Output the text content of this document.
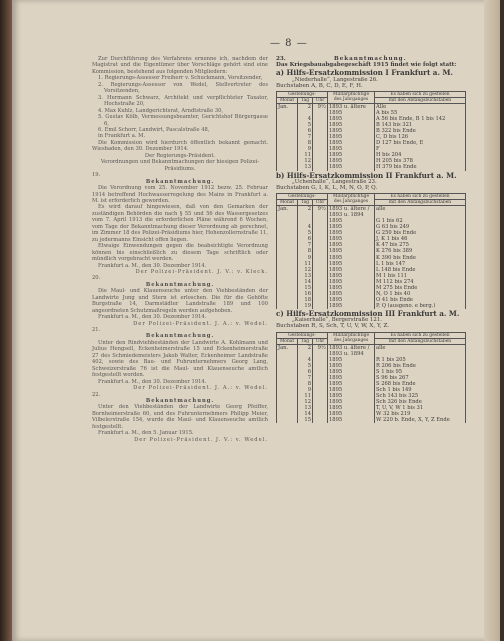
— 8 —

Zur Durchführung des Verfahrens ernenne ich, nachdem der Magistrat und die Eigentümer über Vorschläge gehört sind eine Kommission, bestehend aus folgenden Mitgliedern:

1. Regierungs-Assessor Freiherr v. Schuckmann, Vorsitzender,

2. Regierungs-Assessor von Wedel, Stellvertreter des Vorsitzenden,

3. Hermann Schwarz, Architekt und verpflichteter Taxator, Hochstraße 20,

4. Max Kuhlz, Landgerichtsrat, Arndtstraße 30,

5. Gustav Kölb, Vermessungsbeamter, Gerichtshof Bürgergasse 6,

6. Emil Schorr, Landwirt, Pascalstraße 48,

in Frankfurt a. M.

Die Kommission wird hierdurch öffentlich bekannt gemacht. Wiesbaden, den 30. Dezember 1914.

Der Regierungs-Präsident.

Verordnungen und Bekanntmachungen der hiesigen Polizei-Präsidiums.

19.

Bekanntmachung.

Die Verordnung vom 25. November 1912 bezw. 25. Februar 1914 betreffend Hochwasserregelung des Mains in Frankfurt a. M. ist erforderlich geworden.

Es wird darauf hingewiesen, daß von den Gemarken der zuständigen Behörden die nach § 55 und 56 des Wassergesetzes vom 7. April 1913 die erforderlichen Pläne während 6 Wochen, vom Tage der Bekanntmachung dieser Verordnung ab gerechnet, im Zimmer 18 des Polizei-Präsidiums hier, Hohenzollernstraße 11, zu jedermanns Einsicht offen liegen.

Etwaige Einwendungen gegen die beabsichtigte Verordnung können bis einschließlich zu diesem Tage schriftlich oder mündlich vorgebracht werden.

Frankfurt a. M., den 30. Dezember 1914.

Der Polizei-Präsident. J. V.: v. Kleck.

20.

Bekanntmachung.

Die Maul- und Klauenseuche unter den Viehbeständen der Landwirte Jung und Stern ist erloschen. Die für die Gehöfte Burgstraße 14, Darmstädter Landstraße 189 und 100 angeordneten Schutzmaßregeln werden aufgehoben.

Frankfurt a. M., den 30. Dezember 1914.

Der Polizei-Präsident. J. A.: v. Wedel.

21.

Bekanntmachung.

Unter den Rindviehbeständen der Landwirte A. Kohlmann und Julius Hengsell, Eckenheimerstraße 15 und Eckenheimerstraße 27 des Schmiedemeisters Jakob Walter, Eckenheimer Landstraße 402, sowie des Bau- und Fuhrunternehmers Georg Lang, Schweizerstraße 76 ist die Maul- und Klauenseuche amtlich festgestellt worden.

Frankfurt a. M., den 30. Dezember 1914.

Der Polizei-Präsident. J. A.: v. Wedel.

22.

Bekanntmachung.

Unter den Viehbeständen der Landwirte Georg Pfeiffer, Bornheimerstraße 60, und des Fuhrunternehmers Philipp Meier, Vilbelerstraße 154, wurde die Maul- und Klauenseuche amtlich festgestellt.

Frankfurt a. M., den 5. Januar 1915.

Der Polizei-Präsident. J. V.: v. Wedel.

23.	Bekanntmachung.
Das Kriegsbauabgabegeschäft 1915 findet wie folgt statt:
a) Hilfs-Ersatzkommission I Frankfurt a. M.
„Niederhalle“, Langestraße 26.
Buchstaben A, B, C, D, E, F, H.
Gestellungs-			Militärpflichtige des Jahrganges	Es haben sich zu gestellen
Monat	Tag	Uhr		mit den Anfangsbuchstaben
Jan.	2	9½	1893 u. ältere	Alle
			1895	A bis 55
	4		1895	A 56 bis Ende, B 1 bis 142
	5		1895	B 143 bis 321
	6		1895	B 322 bis Ende
	7		1895	C, D bis 126
	8		1895	D 127 bis Ende, E
	9		1895	F
	11		1895	H bis 204
	12		1895	H 205 bis 378
	13		1895	H 379 bis Ende
b) Hilfs-Ersatzkommission II Frankfurt a. M.
„Uchenhalle“, Langestraße 23.
Buchstaben G, I, K, L, M, N, O, P, Q.
Gestellungs-			Militärpflichtige des Jahrganges	Es haben sich zu gestellen
Monat	Tag	Uhr		mit den Anfangsbuchstaben
Jan.	2	9½	1893 u. ältere / 1893 u. 1894	alle
			1895	G 1 bis 62
	4		1895	G 63 bis 249
	5		1895	G 250 bis Ende
	6		1895	J, K 1 bis 46
	7		1895	K 47 bis 275
	8		1895	K 276 bis 389
	9		1895	K 390 bis Ende
	11		1895	L 1 bis 147
	12		1895	L 148 bis Ende
	13		1895	M 1 bis 111
	14		1895	M 112 bis 274
	15		1895	M 275 bis Ende
	16		1895	N, O 1 bis 40
	18		1895	O 41 bis Ende
	19		1895	P, Q (ausgeno. e berg.)
c) Hilfs-Ersatzkommission III Frankfurt a. M.
„Kaiserhalle“, Bergerstraße 121.
Buchstaben R, S, Sch, T, U, V, W, X, Y, Z.
Gestellungs-			Militärpflichtige des Jahrganges	Es haben sich zu gestellen
Monat	Tag	Uhr		mit den Anfangsbuchstaben
Jan.	2	9½	1893 u. ältere / 1893 u. 1894	alle
	4		1895	R 1 bis 205
	5		1895	R 206 bis Ende
	6		1895	S 1 bis 95
	7		1895	S 96 bis 267
	8		1895	S 268 bis Ende
	9		1895	Sch 1 bis 149
	11		1895	Sch 143 bis 325
	12		1895	Sch 326 bis Ende
	13		1895	T, U, V, W 1 bis 31
	14		1895	W 32 bis 219
	15		1895	W 220 b. Ende, X, Y, Z Ende
